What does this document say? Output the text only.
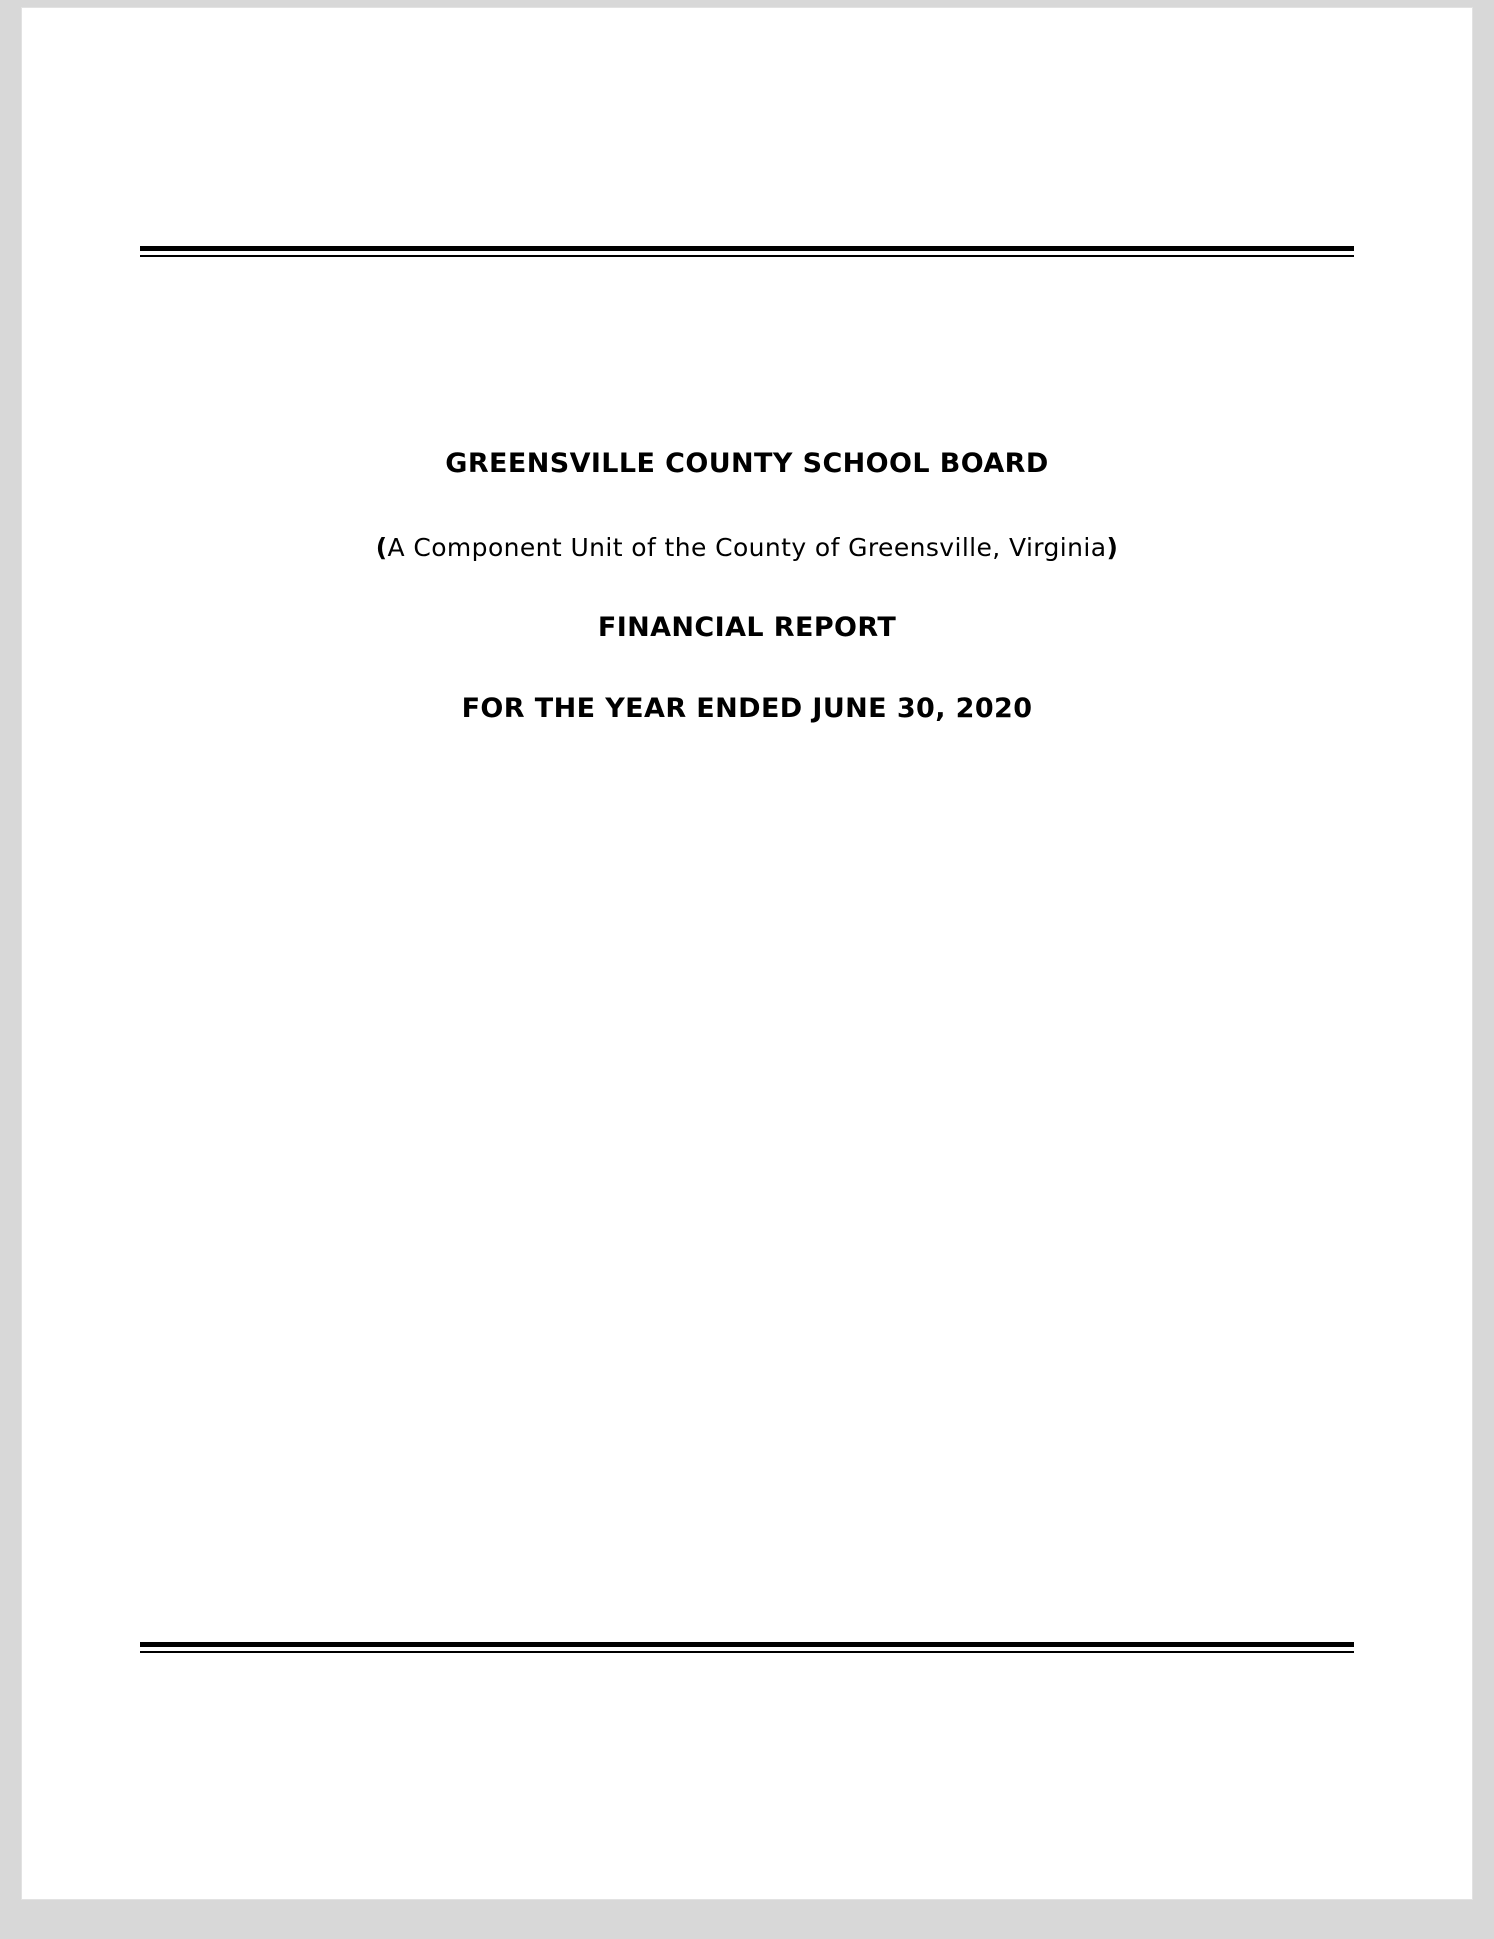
GREENSVILLE COUNTY SCHOOL BOARD
(A Component Unit of the County of Greensville, Virginia)
FINANCIAL REPORT
FOR THE YEAR ENDED JUNE 30, 2020
